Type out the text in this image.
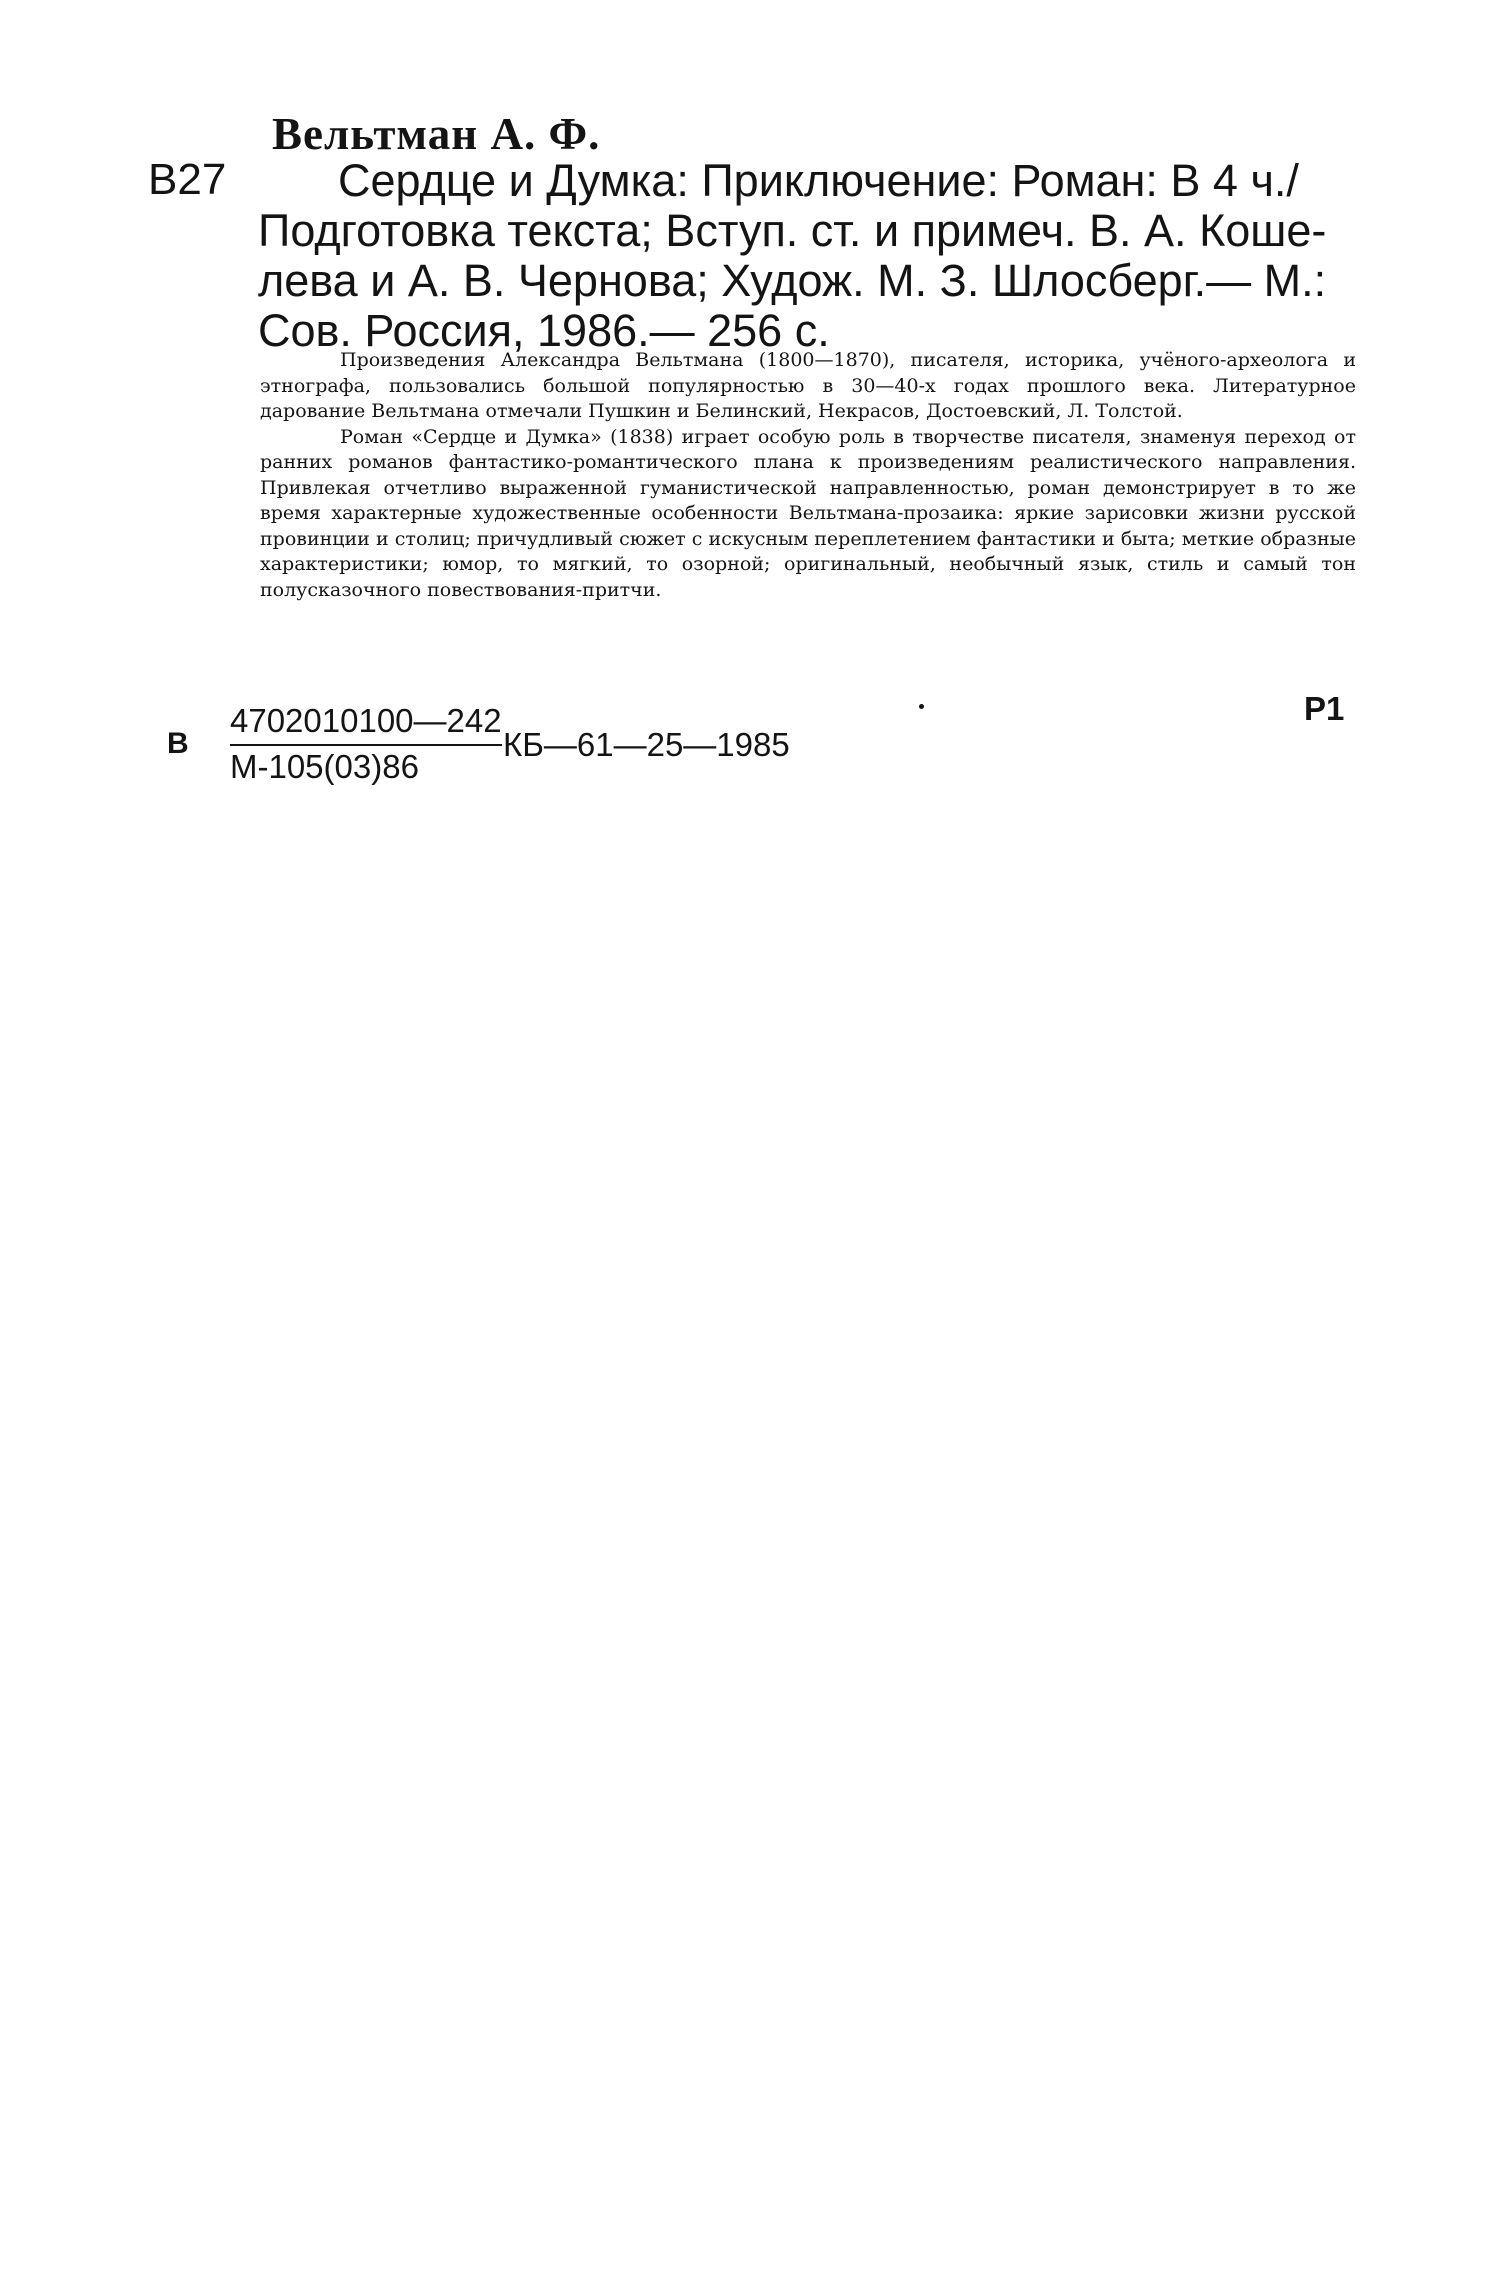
Вельтман А. Ф.
В27	Сердце и Думка: Приключение: Роман: В 4 ч./
Подготовка текста; Вступ. ст. и примеч. В. А. Коше-
лева и А. В. Чернова; Худож. М. З. Шлосберг.— М.:
Сов. Россия, 1986.— 256 с.

Произведения Александра Вельтмана (1800—1870), писателя, историка, учёного-археолога и этнографа, пользовались большой популярностью в 30—40-х годах прошлого века. Литературное дарование Вельтмана отмечали Пушкин и Белинский, Некрасов, Достоевский, Л. Толстой.

Роман «Сердце и Думка» (1838) играет особую роль в творчестве писателя, знаменуя переход от ранних романов фантастико-романтического плана к произведениям реалистического направления. Привлекая отчетливо выраженной гуманистической направленностью, роман демонстрирует в то же время характерные художественные особенности Вельтмана-прозаика: яркие зарисовки жизни русской провинции и столиц; причудливый сюжет с искусным переплетением фантастики и быта; меткие образные характеристики; юмор, то мягкий, то озорной; оригинальный, необычный язык, стиль и самый тон полусказочного повествования-притчи.

В
4702010100—242
М-105(03)86
КБ—61—25—1985
Р1
